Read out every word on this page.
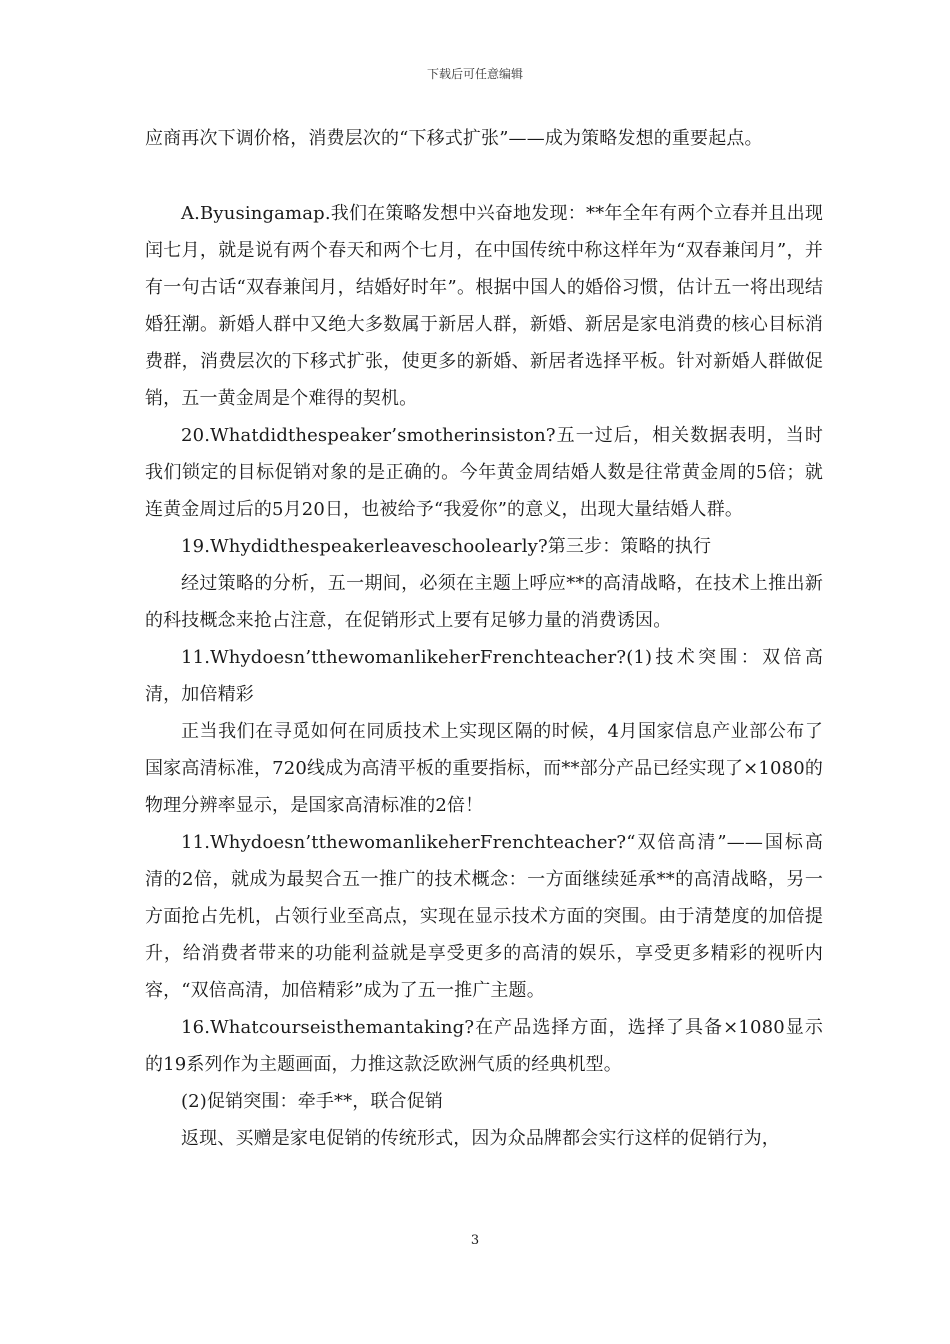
下载后可任意编辑

应商再次下调价格，消费层次的“下移式扩张”——成为策略发想的重要起点。

A.Byusingamap.我们在策略发想中兴奋地发现：**年全年有两个立春并且出现闰七月，就是说有两个春天和两个七月，在中国传统中称这样年为“双春兼闰月”，并有一句古话“双春兼闰月，结婚好时年”。根据中国人的婚俗习惯，估计五一将出现结婚狂潮。新婚人群中又绝大多数属于新居人群，新婚、新居是家电消费的核心目标消费群，消费层次的下移式扩张，使更多的新婚、新居者选择平板。针对新婚人群做促销，五一黄金周是个难得的契机。

20.Whatdidthespeaker’smotherinsiston?五一过后，相关数据表明，当时我们锁定的目标促销对象的是正确的。今年黄金周结婚人数是往常黄金周的5倍；就连黄金周过后的5月20日，也被给予“我爱你”的意义，出现大量结婚人群。

19.Whydidthespeakerleaveschoolearly?第三步：策略的执行

经过策略的分析，五一期间，必须在主题上呼应**的高清战略，在技术上推出新的科技概念来抢占注意，在促销形式上要有足够力量的消费诱因。

11.Whydoesn’tthewomanlikeherFrenchteacher?(1)技术突围：双倍高清，加倍精彩

正当我们在寻觅如何在同质技术上实现区隔的时候，4月国家信息产业部公布了国家高清标准，720线成为高清平板的重要指标，而**部分产品已经实现了×1080的物理分辨率显示，是国家高清标准的2倍！

11.Whydoesn’tthewomanlikeherFrenchteacher?“双倍高清”——国标高清的2倍，就成为最契合五一推广的技术概念：一方面继续延承**的高清战略，另一方面抢占先机，占领行业至高点，实现在显示技术方面的突围。由于清楚度的加倍提升，给消费者带来的功能利益就是享受更多的高清的娱乐，享受更多精彩的视听内容，“双倍高清，加倍精彩”成为了五一推广主题。

16.Whatcourseisthemantaking?在产品选择方面，选择了具备×1080显示的19系列作为主题画面，力推这款泛欧洲气质的经典机型。

(2)促销突围：牵手**，联合促销

返现、买赠是家电促销的传统形式，因为众品牌都会实行这样的促销行为，

3
